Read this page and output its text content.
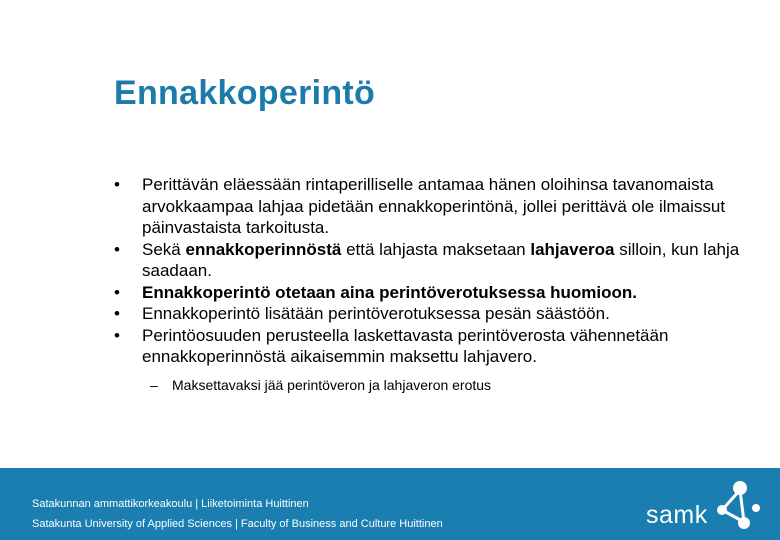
Ennakkoperintö
•	Perittävän eläessään rintaperilliselle antamaa hänen oloihinsa tavanomaista arvokkaampaa lahjaa pidetään ennakkoperintönä, jollei perittävä ole ilmaissut päinvastaista tarkoitusta.
•	Sekä ennakkoperinnöstä että lahjasta maksetaan lahjaveroa silloin, kun lahja saadaan.
•	Ennakkoperintö otetaan aina perintöverotuksessa huomioon.
•	Ennakkoperintö lisätään perintöverotuksessa pesän säästöön.
•	Perintöosuuden perusteella laskettavasta perintöverosta vähennetään ennakkoperinnöstä aikaisemmin maksettu lahjavero.
– Maksettavaksi jää perintöveron ja lahjaveron erotus
Satakunnan ammattikorkeakoulu | Liiketoiminta Huittinen
Satakunta University of Applied Sciences | Faculty of Business and Culture Huittinen	samk
